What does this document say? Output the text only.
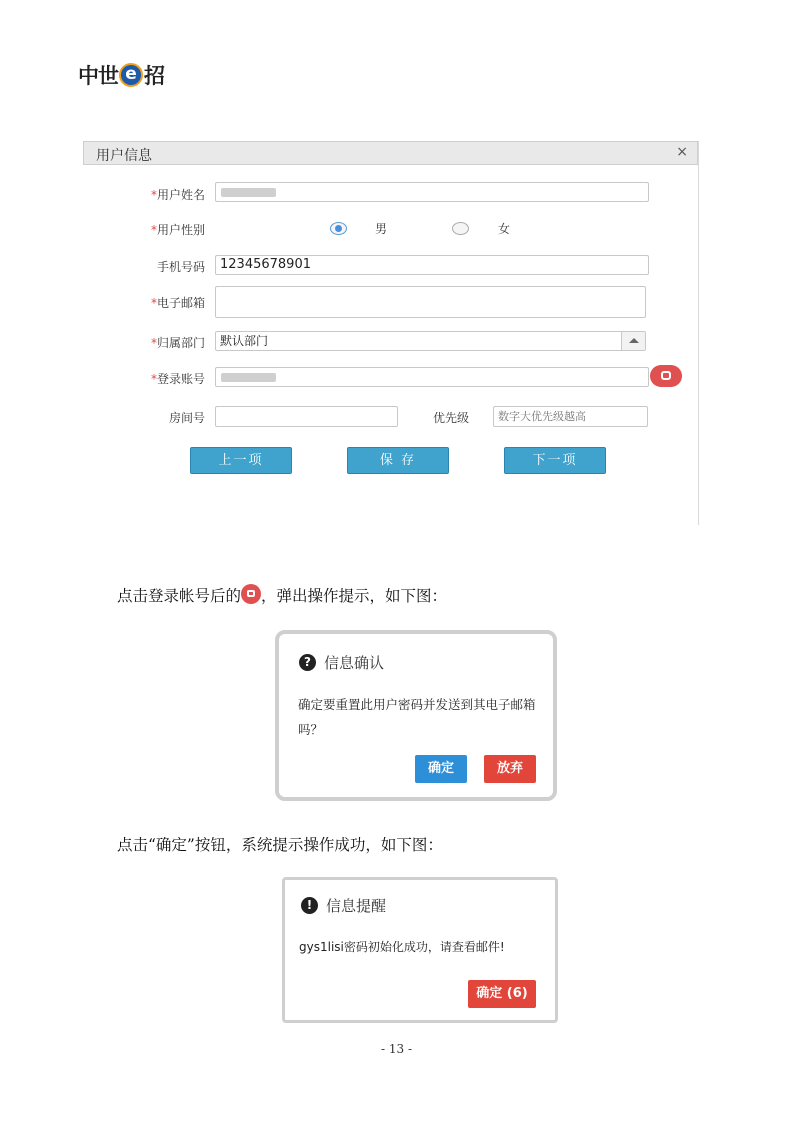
中世 e 招
用户信息	×
*用户姓名
*用户性别	男	女
手机号码	12345678901
*电子邮箱
*归属部门	默认部门
*登录账号
房间号	优先级
数字大优先级越高
上一项	保 存	下一项
点击登录帐号后的 ，弹出操作提示，如下图：
? 信息确认
确定要重置此用户密码并发送到其电子邮箱
吗？
确定	放弃
点击“确定”按钮，系统提示操作成功，如下图：
! 信息提醒
gys1lisi密码初始化成功，请查看邮件!
确定 (6)
- 13 -
